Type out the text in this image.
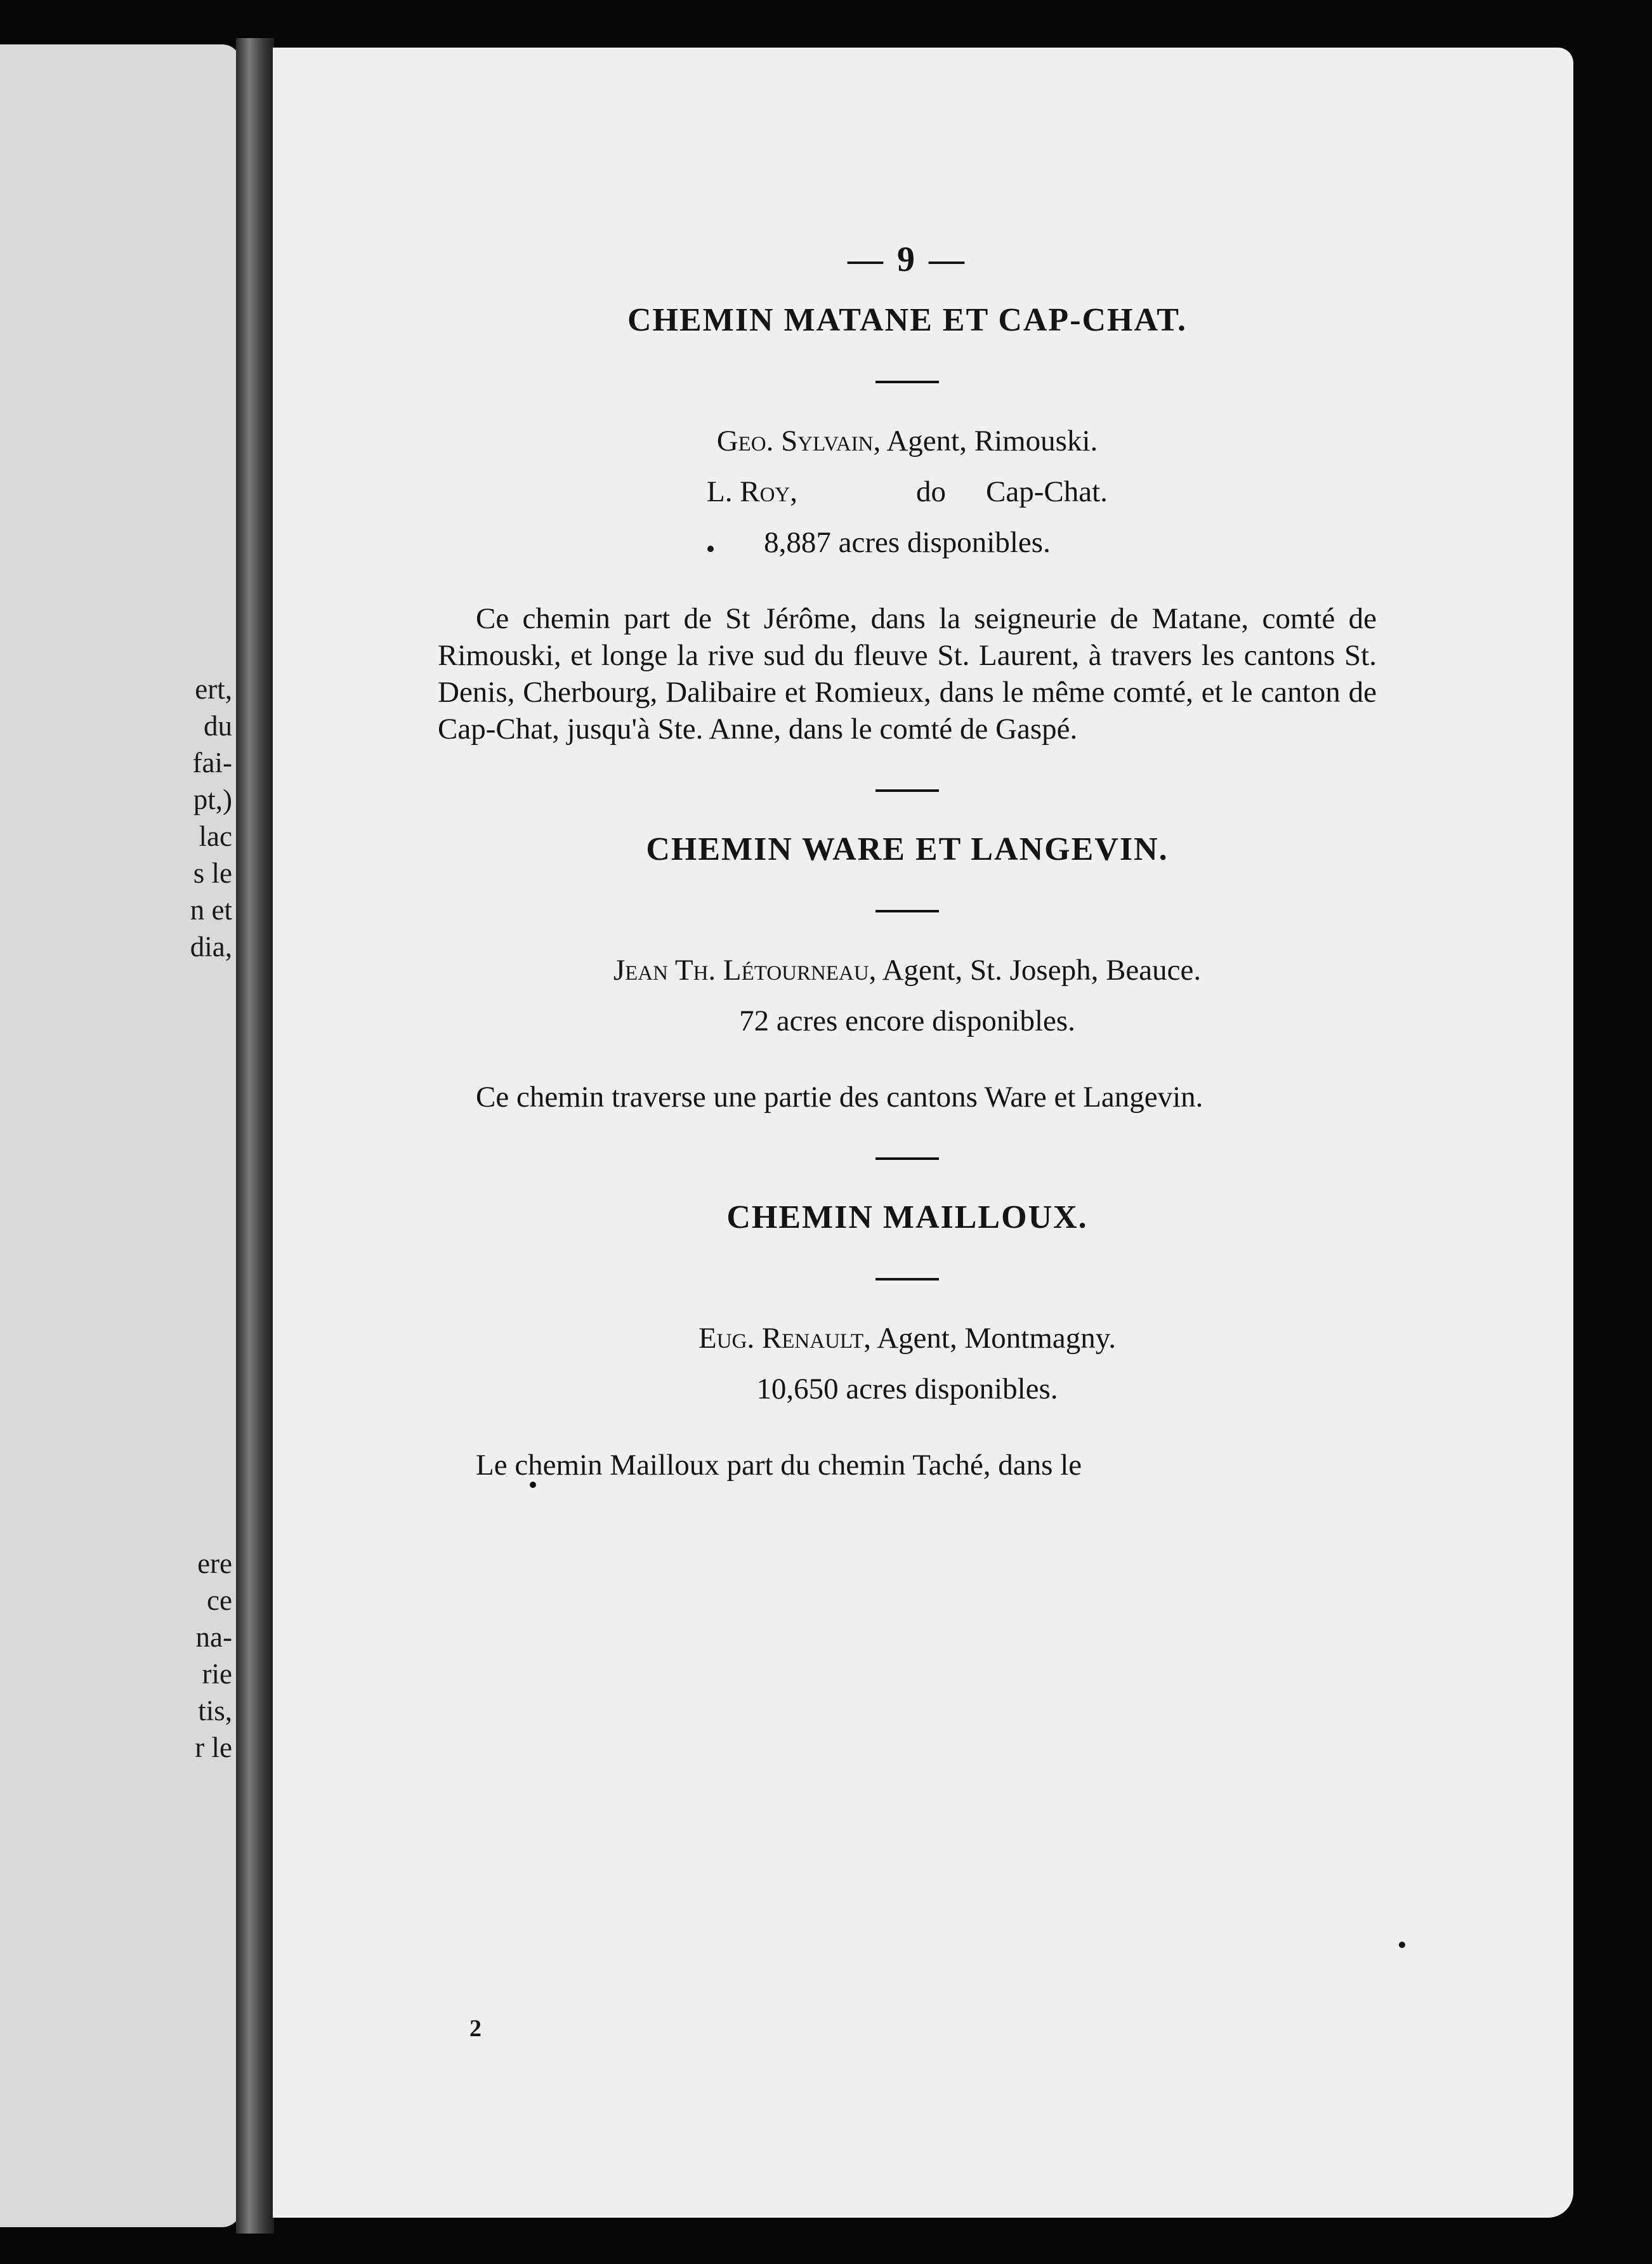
ert,
du
fai-
pt,)
lac
s le
n et
dia,
ere
ce
na-
rie
tis,
r le

— 9 —

CHEMIN MATANE ET CAP-CHAT.

Geo. Sylvain, Agent, Rimouski.

L. Roy,	do	Cap-Chat.

8,887 acres disponibles.

Ce chemin part de St Jérôme, dans la seigneurie de Matane, comté de Rimouski, et longe la rive sud du fleuve St. Laurent, à travers les cantons St. Denis, Cherbourg, Dalibaire et Romieux, dans le même comté, et le canton de Cap-Chat, jusqu'à Ste. Anne, dans le comté de Gaspé.

CHEMIN WARE ET LANGEVIN.

Jean Th. Létourneau, Agent, St. Joseph, Beauce.

72 acres encore disponibles.

Ce chemin traverse une partie des cantons Ware et Langevin.

CHEMIN MAILLOUX.

Eug. Renault, Agent, Montmagny.

10,650 acres disponibles.

Le chemin Mailloux part du chemin Taché, dans le

2
